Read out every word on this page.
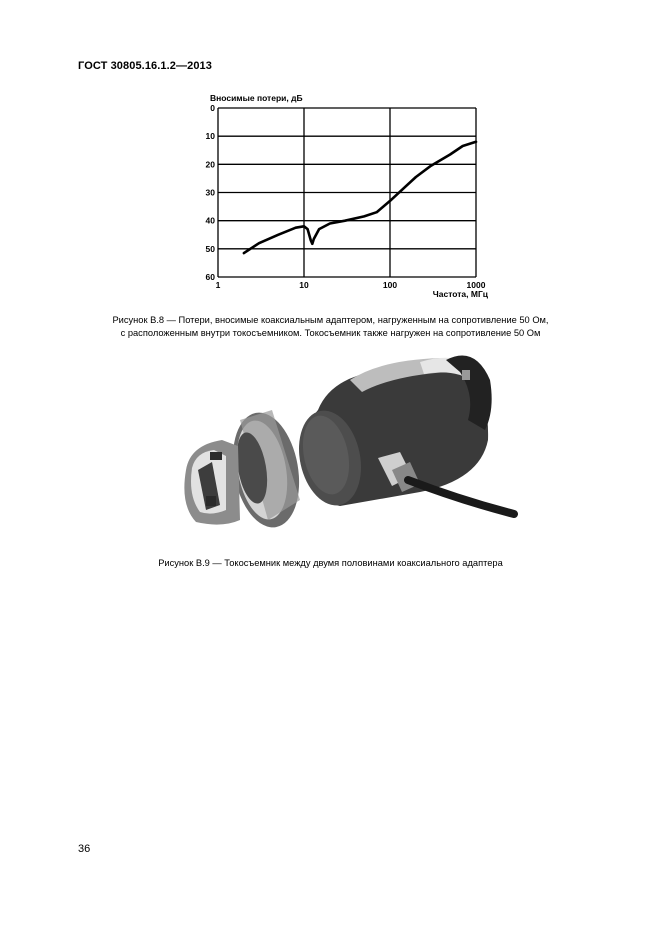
ГОСТ 30805.16.1.2—2013
Вносимые потери, дБ
0
10
20
30
40
50
60
1	10	100	1000
Частота, МГц
Рисунок В.8 — Потери, вносимые коаксиальным адаптером, нагруженным на сопротивление 50 Ом,
с расположенным внутри токосъемником. Токосъемник также нагружен на сопротивление 50 Ом
Рисунок В.9 — Токосъемник между двумя половинами коаксиального адаптера
36
